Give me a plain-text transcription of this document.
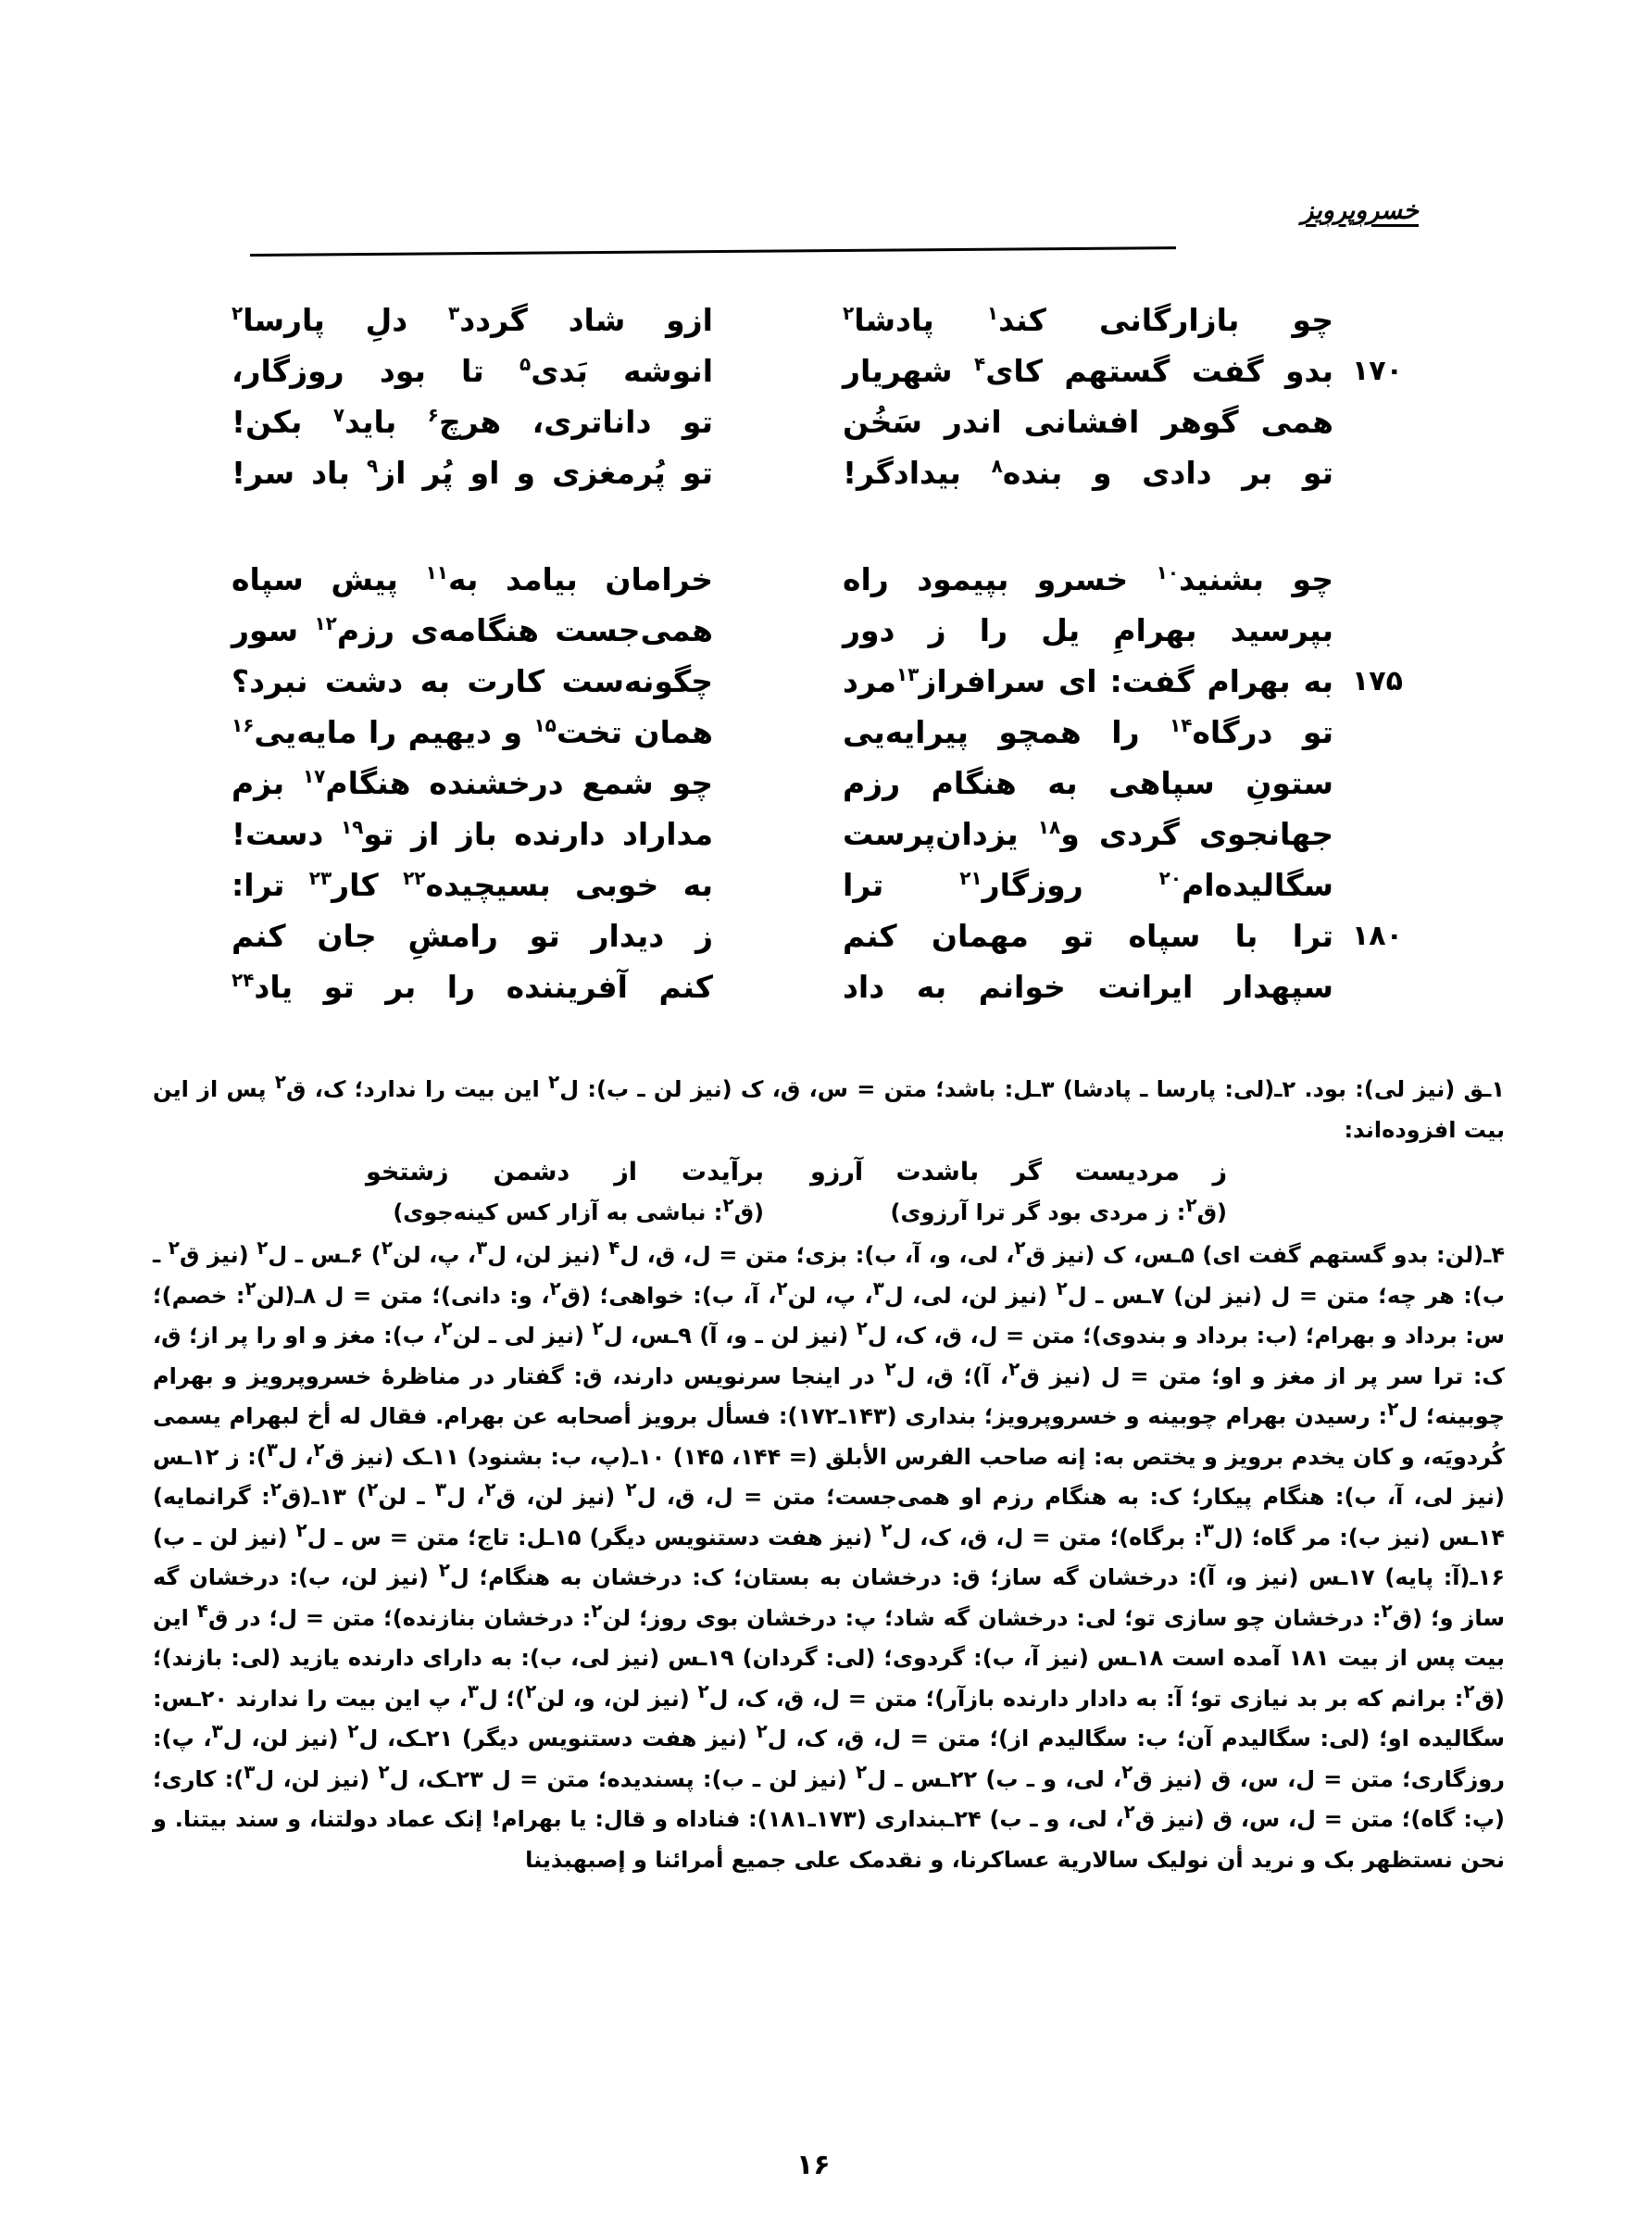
خسروپرویز
چو بازارگانی کند$^۱$ پادشا$^۲$
ازو شاد گردد$^۳$ دلِ پارسا$^۲$
۱۷۰
بدو گفت گستهم کای$^۴$ شهریار
انوشه بَدی$^۵$ تا بود روزگار،
همی گوهر افشانی اندر سَخُن
تو داناتری، هرچ$^۶$ باید$^۷$ بکن!
تو بر دادی و بنده$^۸$ بیدادگر!
تو پُرمغزی و او پُر از$^۹$ باد سر!
چو بشنید$^{۱۰}$ خسرو بپیمود راه
خرامان بیامد به$^{۱۱}$ پیش سپاه
بپرسید بهرامِ یل را ز دور
همی‌جست هنگامه‌ی رزم$^{۱۲}$ سور
۱۷۵
به بهرام گفت: ای سرافراز$^{۱۳}$مرد
چگونه‌ست کارت به دشت نبرد؟
تو درگاه$^{۱۴}$ را همچو پیرایه‌یی
همان تخت$^{۱۵}$ و دیهیم را مایه‌یی$^{۱۶}$
ستونِ سپاهی به هنگام رزم
چو شمع درخشنده هنگام$^{۱۷}$ بزم
جهانجوی گردی و$^{۱۸}$ یزدان‌پرست
مداراد دارنده باز از تو$^{۱۹}$ دست!
سگالیده‌ام$^{۲۰}$ روزگار$^{۲۱}$ ترا
به خوبی بسیچیده$^{۲۲}$ کار$^{۲۳}$ ترا:
۱۸۰
ترا با سپاه تو مهمان کنم
ز دیدار تو رامشِ جان کنم
سپهدار ایرانت خوانم به داد
کنم آفریننده را بر تو یاد$^{۲۴}$

۱ـق (نیز لی): بود. ۲ـ(لی: پارسا ـ پادشا) ۳ـل: باشد؛ متن = س، ق، ک (نیز لن ـ ب): ل$^۲$ این بیت را ندارد؛ ک، ق$^۲$ پس از این بیت افزوده‌اند:

ز مردیست گر باشدت آرزو
برآیدت از دشمن زشتخو
(ق$^۲$: ز مردی بود گر ترا آرزوی)
(ق$^۲$: نباشی به آزار کس کینه‌جوی)

۴ـ(لن: بدو گستهم گفت ای) ۵ـس، ک (نیز ق$^۲$، لی، و، آ، ب): بزی؛ متن = ل، ق، ل$^۴$ (نیز لن، ل$^۳$، پ، لن$^۲$) ۶ـس ـ ل$^۲$ (نیز ق$^۲$ ـ ب): هر چه؛ متن = ل (نیز لن) ۷ـس ـ ل$^۲$ (نیز لن، لی، ل$^۳$، پ، لن$^۲$، آ، ب): خواهی؛ (ق$^۲$، و: دانی)؛ متن = ل ۸ـ(لن$^۲$: خصم)؛ س: برداد و بهرام؛ (ب: برداد و بندوی)؛ متن = ل، ق، ک، ل$^۲$ (نیز لن ـ و، آ) ۹ـس، ل$^۲$ (نیز لی ـ لن$^۲$، ب): مغز و او را پر از؛ ق، ک: ترا سر پر از مغز و او؛ متن = ل (نیز ق$^۲$، آ)؛ ق، ل$^۲$ در اینجا سرنویس دارند، ق: گفتار در مناظرهٔ خسروپرویز و بهرام چوبینه؛ ل$^۲$: رسیدن بهرام چوبینه و خسروپرویز؛ بنداری (۱۴۳ـ۱۷۲): فسأل برویز أصحابه عن بهرام. فقال له أخ لبهرام یسمی کُردویَه، و کان یخدم برویز و یختص به: إنه صاحب الفرس الأبلق (= ۱۴۴، ۱۴۵) ۱۰ـ(پ، ب: بشنود) ۱۱ـک (نیز ق$^۲$، ل$^۳$): ز ۱۲ـس (نیز لی، آ، ب): هنگام پیکار؛ ک: به هنگام رزم او همی‌جست؛ متن = ل، ق، ل$^۲$ (نیز لن، ق$^۲$، ل$^۳$ ـ لن$^۲$) ۱۳ـ(ق$^۲$: گرانمایه) ۱۴ـس (نیز ب): مر گاه؛ (ل$^۳$: برگاه)؛ متن = ل، ق، ک، ل$^۲$ (نیز هفت دستنویس دیگر) ۱۵ـل: تاج؛ متن = س ـ ل$^۲$ (نیز لن ـ ب) ۱۶ـ(آ: پایه) ۱۷ـس (نیز و، آ): درخشان گه ساز؛ ق: درخشان به بستان؛ ک: درخشان به هنگام؛ ل$^۲$ (نیز لن، ب): درخشان گه ساز و؛ (ق$^۲$: درخشان چو سازی تو؛ لی: درخشان گه شاد؛ پ: درخشان بوی روز؛ لن$^۲$: درخشان بنازنده)؛ متن = ل؛ در ق$^۴$ این بیت پس از بیت ۱۸۱ آمده است ۱۸ـس (نیز آ، ب): گردوی؛ (لی: گردان) ۱۹ـس (نیز لی، ب): به دارای دارنده یازید (لی: بازند)؛ (ق$^۲$: برانم که بر بد نیازی تو؛ آ: به دادار دارنده بازآر)؛ متن = ل، ق، ک، ل$^۲$ (نیز لن، و، لن$^۲$)؛ ل$^۳$، پ این بیت را ندارند ۲۰ـس: سگالیده او؛ (لی: سگالیدم آن؛ ب: سگالیدم از)؛ متن = ل، ق، ک، ل$^۲$ (نیز هفت دستنویس دیگر) ۲۱ـک، ل$^۲$ (نیز لن، ل$^۳$، پ): روزگاری؛ متن = ل، س، ق (نیز ق$^۲$، لی، و ـ ب) ۲۲ـس ـ ل$^۲$ (نیز لن ـ ب): پسندیده؛ متن = ل ۲۳ـک، ل$^۲$ (نیز لن، ل$^۳$): کاری؛ (پ: گاه)؛ متن = ل، س، ق (نیز ق$^۲$، لی، و ـ ب) ۲۴ـبنداری (۱۷۳ـ۱۸۱): فناداه و قال: یا بهرام! إنک عماد دولتنا، و سند بیتنا. و نحن نستظهر بک و نرید أن نولیک سالاریة عساکرنا، و نقدمک علی جمیع أمرائنا و إصبهبذینا

۱۶
